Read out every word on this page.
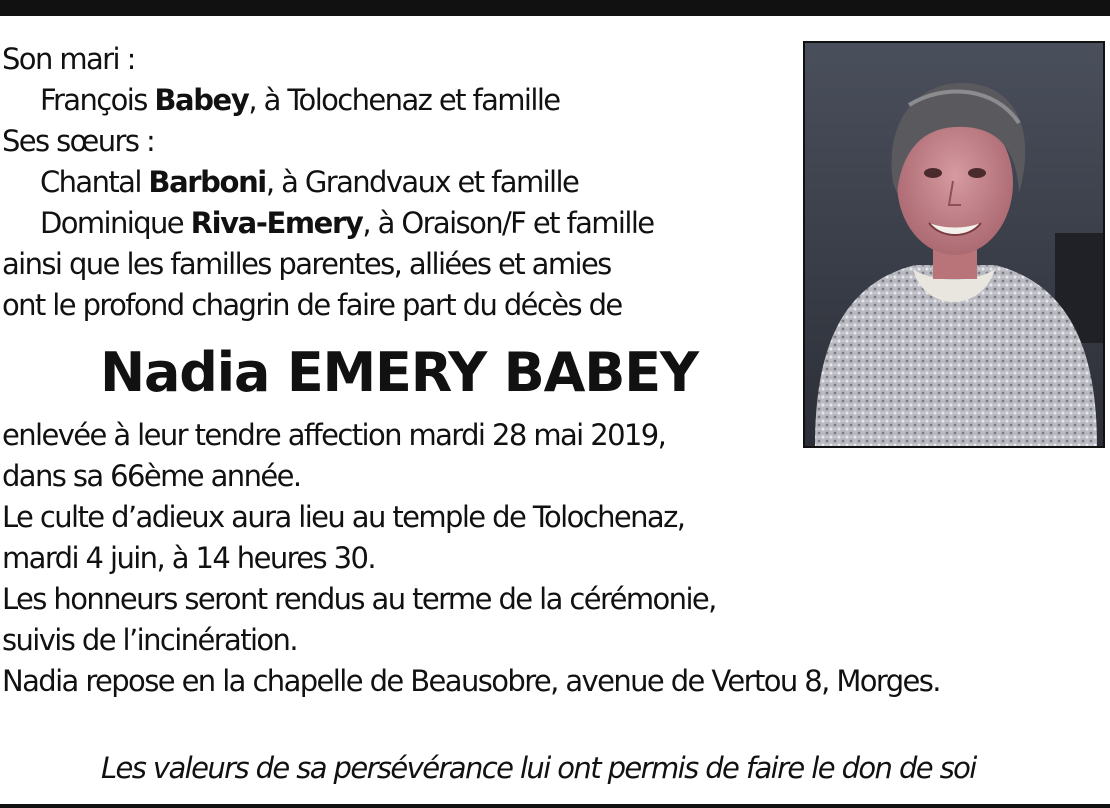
Son mari :
François Babey, à Tolochenaz et famille
Ses sœurs :
Chantal Barboni, à Grandvaux et famille
Dominique Riva-Emery, à Oraison/F et famille
ainsi que les familles parentes, alliées et amies
ont le profond chagrin de faire part du décès de
Nadia EMERY BABEY
enlevée à leur tendre affection mardi 28 mai 2019,
dans sa 66ème année.
Le culte d’adieux aura lieu au temple de Tolochenaz,
mardi 4 juin, à 14 heures 30.
Les honneurs seront rendus au terme de la cérémonie,
suivis de l’incinération.
Nadia repose en la chapelle de Beausobre, avenue de Vertou 8, Morges.
Les valeurs de sa persévérance lui ont permis de faire le don de soi
